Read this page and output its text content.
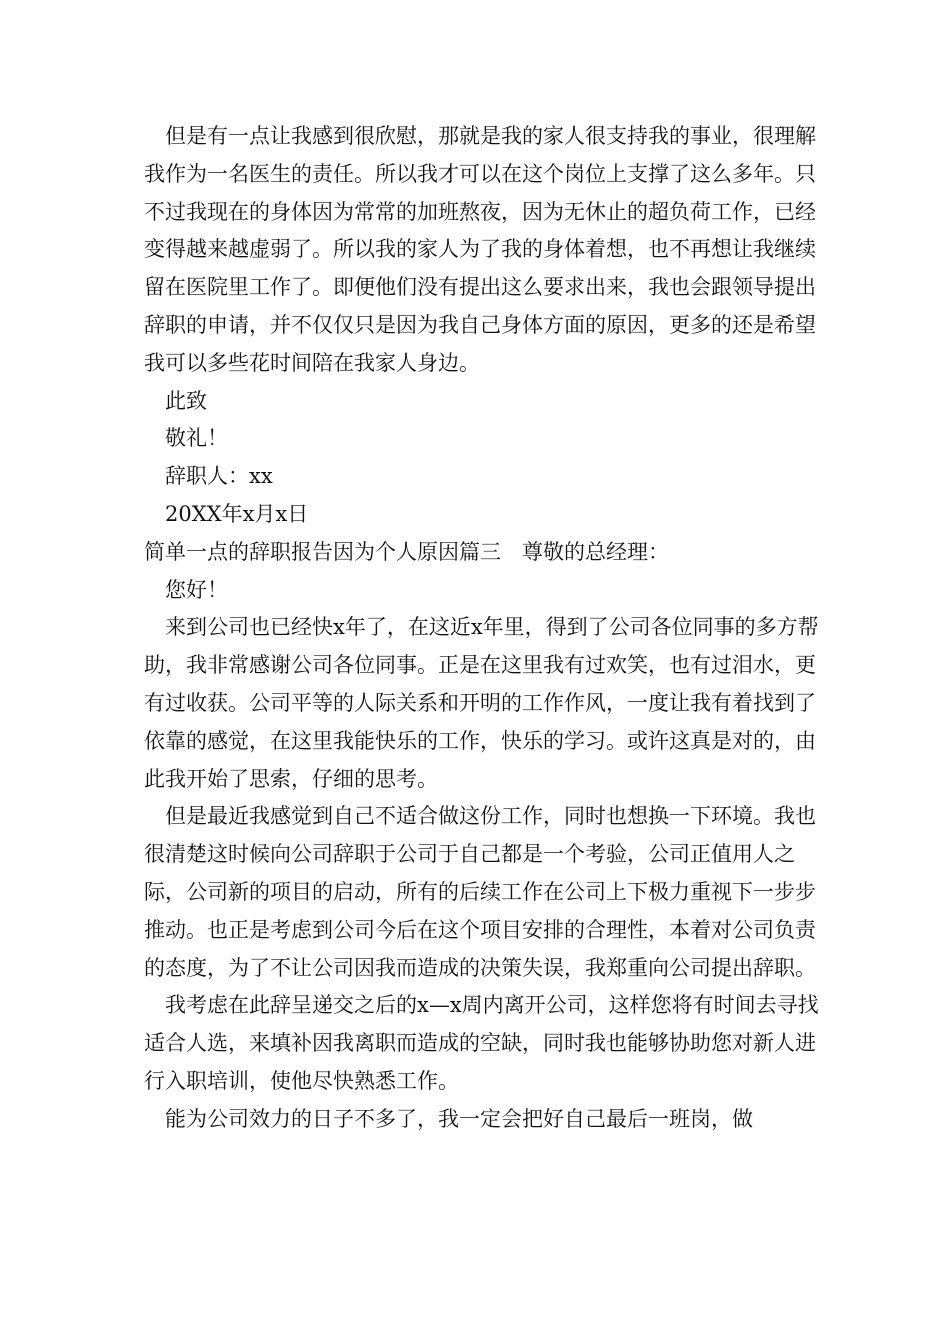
但是有一点让我感到很欣慰，那就是我的家人很支持我的事业，很理解我作为一名医生的责任。所以我才可以在这个岗位上支撑了这么多年。只不过我现在的身体因为常常的加班熬夜，因为无休止的超负荷工作，已经变得越来越虚弱了。所以我的家人为了我的身体着想，也不再想让我继续留在医院里工作了。即便他们没有提出这么要求出来，我也会跟领导提出辞职的申请，并不仅仅只是因为我自己身体方面的原因，更多的还是希望我可以多些花时间陪在我家人身边。

此致

敬礼！

辞职人：xx

20XX年x月x日

简单一点的辞职报告因为个人原因篇三　尊敬的总经理：

您好！

来到公司也已经快x年了，在这近x年里，得到了公司各位同事的多方帮助，我非常感谢公司各位同事。正是在这里我有过欢笑，也有过泪水，更有过收获。公司平等的人际关系和开明的工作作风，一度让我有着找到了依靠的感觉，在这里我能快乐的工作，快乐的学习。或许这真是对的，由此我开始了思索，仔细的思考。

但是最近我感觉到自己不适合做这份工作，同时也想换一下环境。我也很清楚这时候向公司辞职于公司于自己都是一个考验，公司正值用人之际，公司新的项目的启动，所有的后续工作在公司上下极力重视下一步步推动。也正是考虑到公司今后在这个项目安排的合理性，本着对公司负责的态度，为了不让公司因我而造成的决策失误，我郑重向公司提出辞职。

我考虑在此辞呈递交之后的x—x周内离开公司，这样您将有时间去寻找适合人选，来填补因我离职而造成的空缺，同时我也能够协助您对新人进行入职培训，使他尽快熟悉工作。

能为公司效力的日子不多了，我一定会把好自己最后一班岗，做
